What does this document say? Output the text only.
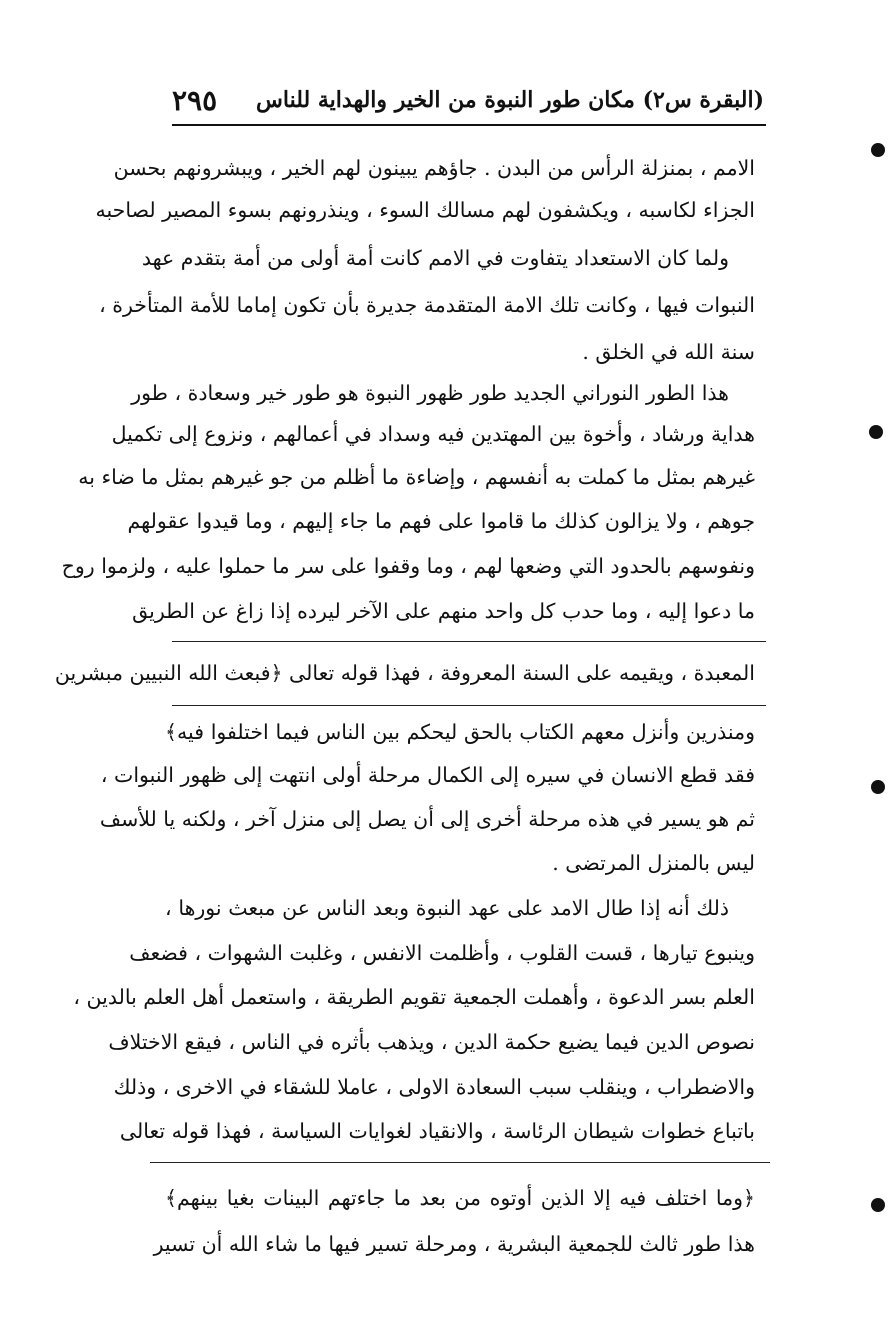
(البقرة س٢) مكان طور النبوة من الخير والهداية للناس
٢٩٥
الامم ، بمنزلة الرأس من البدن . جاؤهم يبينون لهم الخير ، ويبشرونهم بحسن
الجزاء لكاسبه ، ويكشفون لهم مسالك السوء ، وينذرونهم بسوء المصير لصاحبه
ولما كان الاستعداد يتفاوت في الامم كانت أمة أولى من أمة بتقدم عهد
النبوات فيها ، وكانت تلك الامة المتقدمة جديرة بأن تكون إماما للأمة المتأخرة ،
سنة الله في الخلق .
هذا الطور النوراني الجديد طور ظهور النبوة هو طور خير وسعادة ، طور
هداية ورشاد ، وأخوة بين المهتدين فيه وسداد في أعمالهم ، ونزوع إلى تكميل
غيرهم بمثل ما كملت به أنفسهم ، وإضاءة ما أظلم من جو غيرهم بمثل ما ضاء به
جوهم ، ولا يزالون كذلك ما قاموا على فهم ما جاء إليهم ، وما قيدوا عقولهم
ونفوسهم بالحدود التي وضعها لهم ، وما وقفوا على سر ما حملوا عليه ، ولزموا روح
ما دعوا إليه ، وما حدب كل واحد منهم على الآخر ليرده إذا زاغ عن الطريق
المعبدة ، ويقيمه على السنة المعروفة ، فهذا قوله تعالى ﴿فبعث الله النبيين مبشرين
ومنذرين وأنزل معهم الكتاب بالحق ليحكم بين الناس فيما اختلفوا فيه﴾
فقد قطع الانسان في سيره إلى الكمال مرحلة أولى انتهت إلى ظهور النبوات ،
ثم هو يسير في هذه مرحلة أخرى إلى أن يصل إلى منزل آخر ، ولكنه يا للأسف
ليس بالمنزل المرتضى .
ذلك أنه إذا طال الامد على عهد النبوة وبعد الناس عن مبعث نورها ،
وينبوع تيارها ، قست القلوب ، وأظلمت الانفس ، وغلبت الشهوات ، فضعف
العلم بسر الدعوة ، وأهملت الجمعية تقويم الطريقة ، واستعمل أهل العلم بالدين ،
نصوص الدين فيما يضيع حكمة الدين ، ويذهب بأثره في الناس ، فيقع الاختلاف
والاضطراب ، وينقلب سبب السعادة الاولى ، عاملا للشقاء في الاخرى ، وذلك
باتباع خطوات شيطان الرئاسة ، والانقياد لغوايات السياسة ، فهذا قوله تعالى
﴿وما اختلف فيه إلا الذين أوتوه من بعد ما جاءتهم البينات بغيا بينهم﴾
هذا طور ثالث للجمعية البشرية ، ومرحلة تسير فيها ما شاء الله أن تسير
